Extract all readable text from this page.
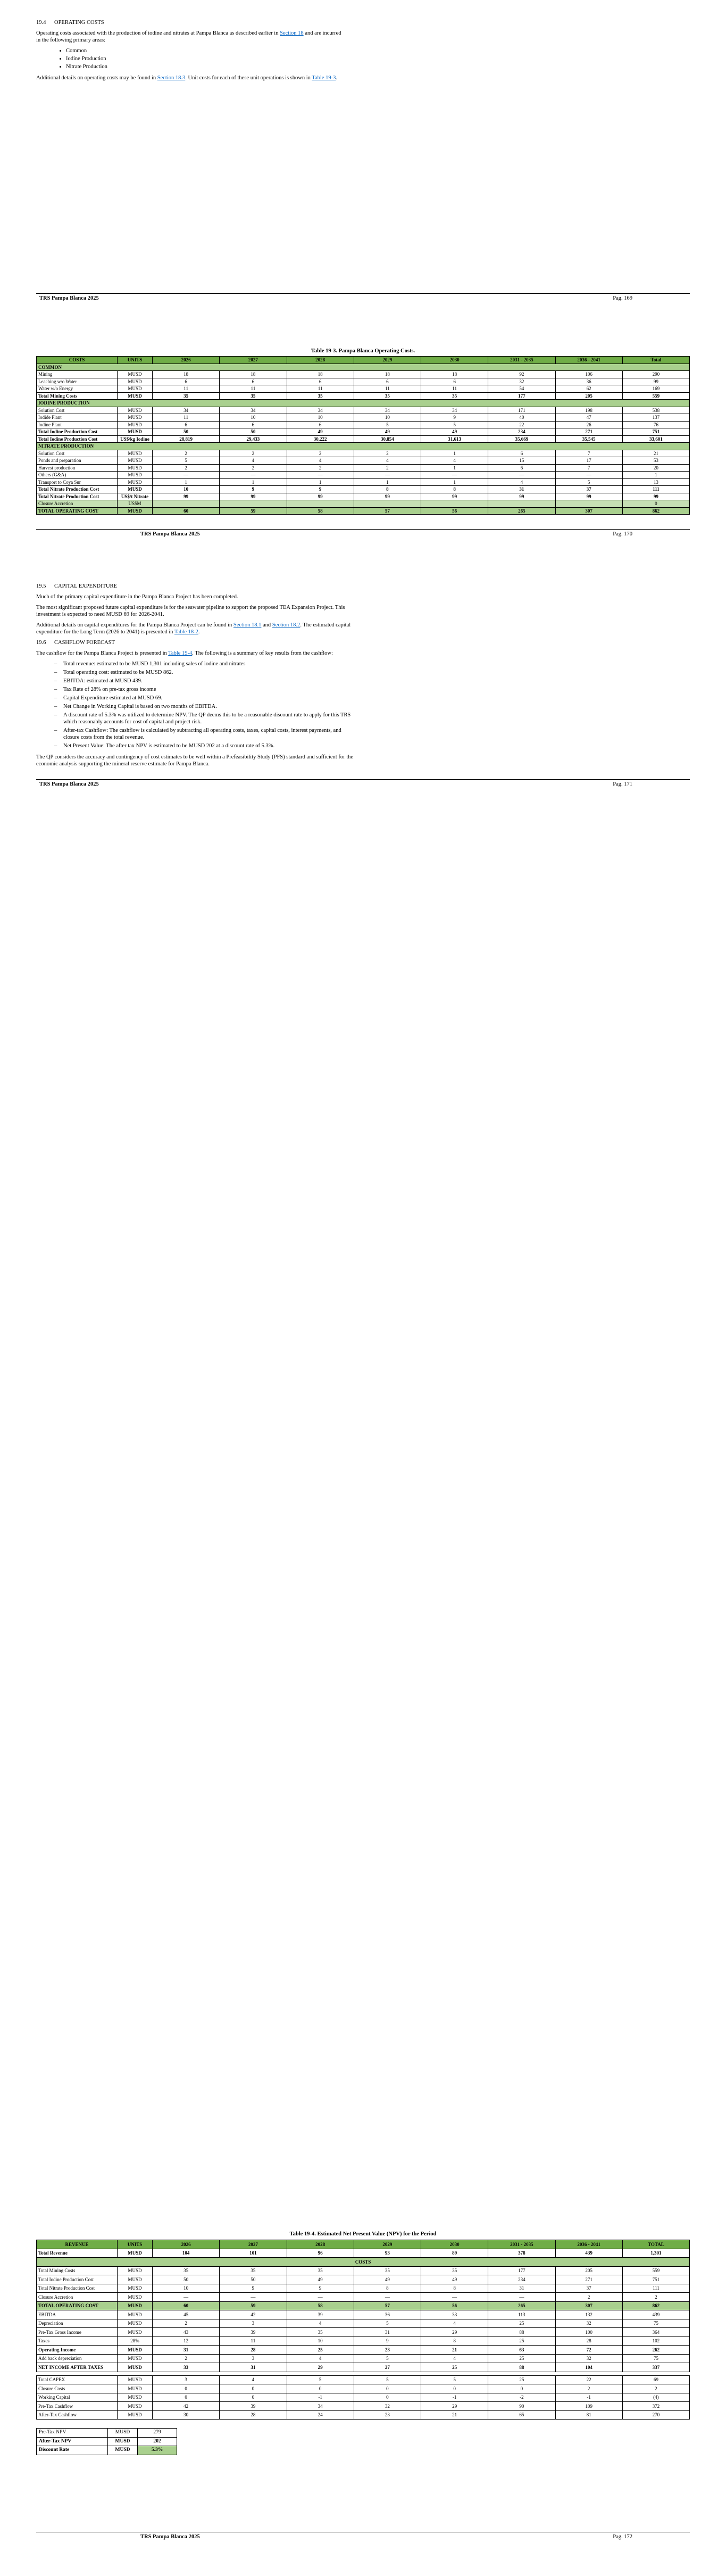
19.4 OPERATING COSTS

Operating costs associated with the production of iodine and nitrates at Pampa Blanca as described earlier in Section 18 and are incurred in the following primary areas:

• Common
• Iodine Production
• Nitrate Production

Additional details on operating costs may be found in Section 18.3. Unit costs for each of these unit operations is shown in Table 19-3.

TRS Pampa Blanca 2025	Pag. 169
Table 19-3. Pampa Blanca Operating Costs.
COSTS	UNITS	2026	2027	2028	2029	2030	2031 - 2035	2036 - 2041	Total
COMMON									
Mining	MUSD	18	18	18	18	18	92	106	290
Leaching w/o Water	MUSD	6	6	6	6	6	32	36	99
Water w/o Energy	MUSD	11	11	11	11	11	54	62	169
Total Mining Costs	MUSD	35	35	35	35	35	177	205	559
IODINE PRODUCTION									
Solution Cost	MUSD	34	34	34	34	34	171	198	538
Iodide Plant	MUSD	11	10	10	10	9	40	47	137
Iodine Plant	MUSD	6	6	6	5	5	22	26	76
Total Iodine Production Cost	MUSD	50	50	49	49	49	234	271	751
Total Iodine Production Cost	US$/kg Iodine	28,819	29,433	30,222	30,854	31,613	35,669	35,545	33,601
NITRATE PRODUCTION									
Solution Cost	MUSD	2	2	2	2	1	6	7	21
Ponds and preparation	MUSD	5	4	4	4	4	15	17	53
Harvest production	MUSD	2	2	2	2	1	6	7	20
Others (G&A)	MUSD	—	—	—	—	—	—	—	1
Transport to Coya Sur	MUSD	1	1	1	1	1	4	5	13
Total Nitrate Production Cost	MUSD	10	9	9	8	8	31	37	111
Total Nitrate Production Cost	US$/t Nitrate	99	99	99	99	99	99	99	99
Closure Accretion	US$M								0
TOTAL OPERATING COST	MUSD	60	59	58	57	56	265	307	862
TRS Pampa Blanca 2025	Pag. 170
19.5 CAPITAL EXPENDITURE

Much of the primary capital expenditure in the Pampa Blanca Project has been completed.

The most significant proposed future capital expenditure is for the seawater pipeline to support the proposed TEA Expansion Project. This investment is expected to need MUSD 69 for 2026-2041.

Additional details on capital expenditures for the Pampa Blanca Project can be found in Section 18.1 and Section 18.2. The estimated capital expenditure for the Long Term (2026 to 2041) is presented in Table 18-2.

19.6 CASHFLOW FORECAST

The cashflow for the Pampa Blanca Project is presented in Table 19-4. The following is a summary of key results from the cashflow:

– Total revenue: estimated to be MUSD 1,301 including sales of iodine and nitrates
– Total operating cost: estimated to be MUSD 862.
– EBITDA: estimated at MUSD 439.
– Tax Rate of 28% on pre-tax gross income
– Capital Expenditure estimated at MUSD 69.
– Net Change in Working Capital is based on two months of EBITDA.
– A discount rate of 5.3% was utilized to determine NPV. The QP deems this to be a reasonable discount rate to apply for this TRS which reasonably accounts for cost of capital and project risk.
– After-tax Cashflow: The cashflow is calculated by subtracting all operating costs, taxes, capital costs, interest payments, and closure costs from the total revenue.
– Net Present Value: The after tax NPV is estimated to be MUSD 202 at a discount rate of 5.3%.

The QP considers the accuracy and contingency of cost estimates to be well within a Prefeasibility Study (PFS) standard and sufficient for the economic analysis supporting the mineral reserve estimate for Pampa Blanca.

TRS Pampa Blanca 2025	Pag. 171
Table 19-4. Estimated Net Present Value (NPV) for the Period
REVENUE	UNITS	2026	2027	2028	2029	2030	2031 - 2035	2036 - 2041	TOTAL
Total Revenue	MUSD	104	101	96	93	89	378	439	1,301
COSTS									
Total Mining Costs	MUSD	35	35	35	35	35	177	205	559
Total Iodine Production Cost	MUSD	50	50	49	49	49	234	271	751
Total Nitrate Production Cost	MUSD	10	9	9	8	8	31	37	111
Closure Accretion	MUSD	—	—	—	—	—	—	2	2
TOTAL OPERATING COST	MUSD	60	59	58	57	56	265	307	862
EBITDA	MUSD	45	42	39	36	33	113	132	439
Depreciation	MUSD	2	3	4	5	4	25	32	75
Pre-Tax Gross Income	MUSD	43	39	35	31	29	88	100	364
Taxes	28%	12	11	10	9	8	25	28	102
Operating Income	MUSD	31	28	25	23	21	63	72	262
Add back depreciation	MUSD	2	3	4	5	4	25	32	75
NET INCOME AFTER TAXES	MUSD	33	31	29	27	25	88	104	337
Total CAPEX	MUSD	3	4	5	5	5	25	22	69
Closure Costs	MUSD	0	0	0	0	0	0	2	2
Working Capital	MUSD	0	0	-1	0	-1	-2	-1	(4)
Pre-Tax Cashflow	MUSD	42	39	34	32	29	90	109	372
After-Tax Cashflow	MUSD	30	28	24	23	21	65	81	270
Pre-Tax NPV	MUSD	279
After-Tax NPV	MUSD	202
Discount Rate	MUSD	5.3%
TRS Pampa Blanca 2025	Pag. 172
